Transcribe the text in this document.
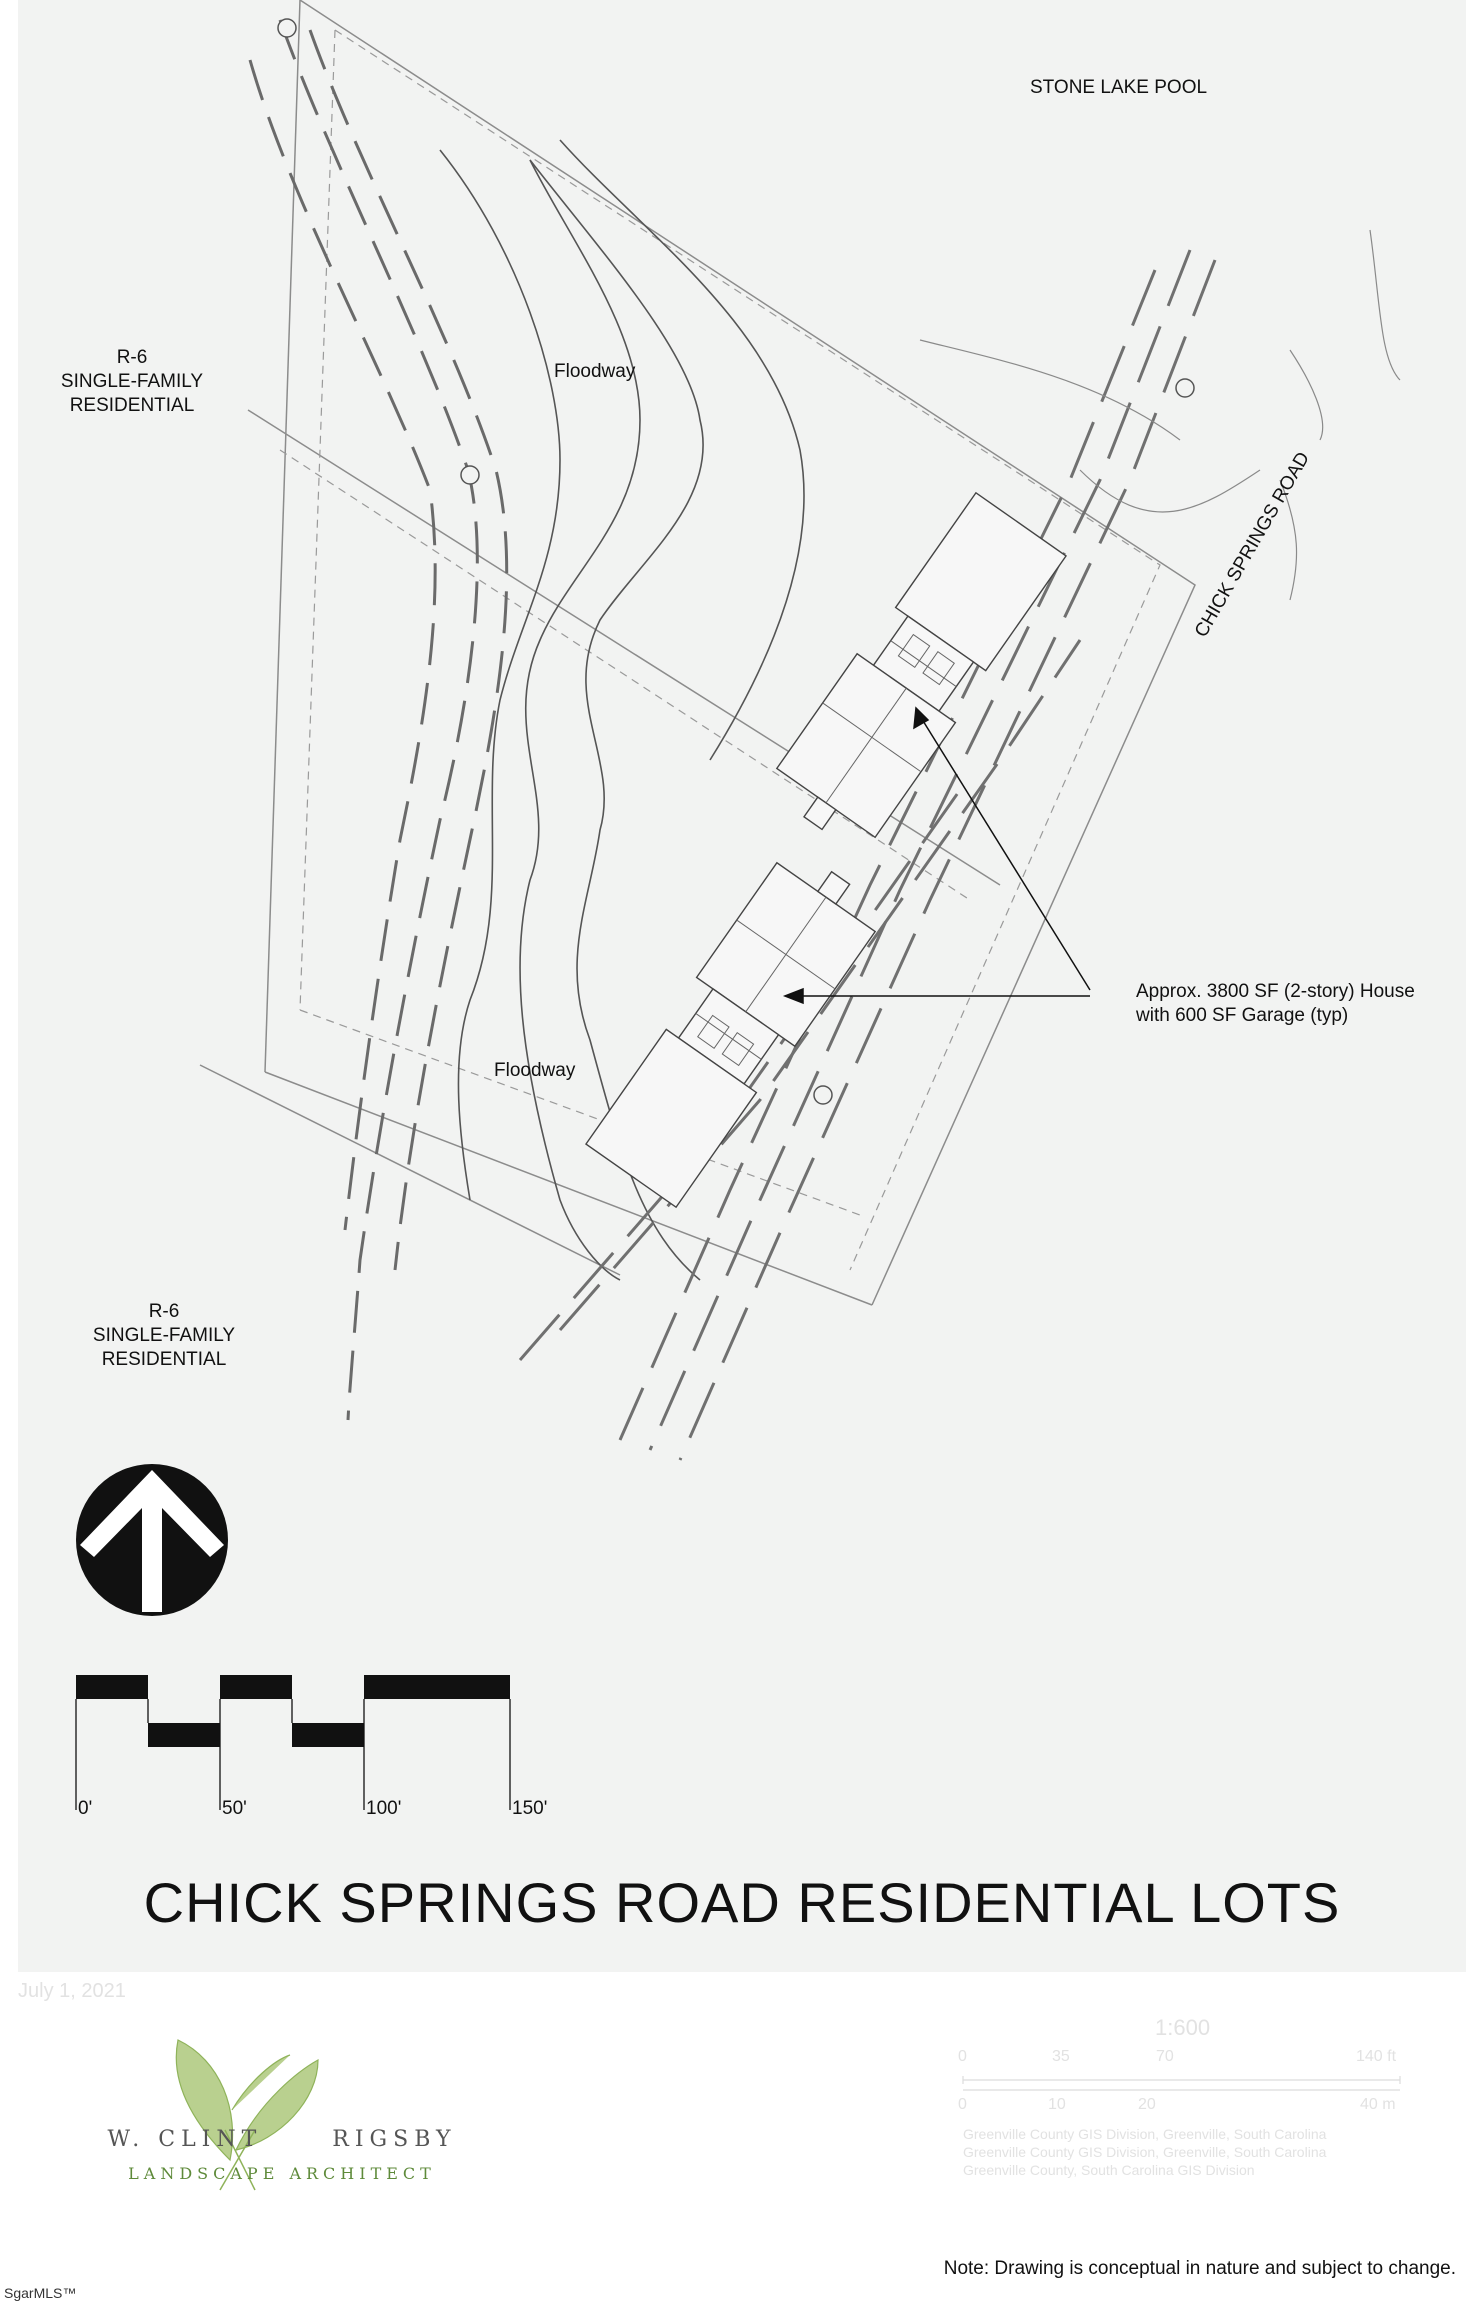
STONE LAKE POOL
R-6
SINGLE-FAMILY
RESIDENTIAL
Floodway
Floodway
R-6
SINGLE-FAMILY
RESIDENTIAL
CHICK SPRINGS ROAD
Approx. 3800 SF (2-story) House
with 600 SF Garage (typ)
0'	50'	100'	150'
CHICK SPRINGS ROAD RESIDENTIAL LOTS
July 1, 2021
1:600
0	35	70	140 ft
0	10	20	40 m
Greenville County GIS Division, Greenville, South Carolina
Greenville County GIS Division, Greenville, South Carolina
Greenville County, South Carolina GIS Division
W. CLINT	RIGSBY
LANDSCAPE ARCHITECT
Note: Drawing is conceptual in nature and subject to change.
SgarMLS™
